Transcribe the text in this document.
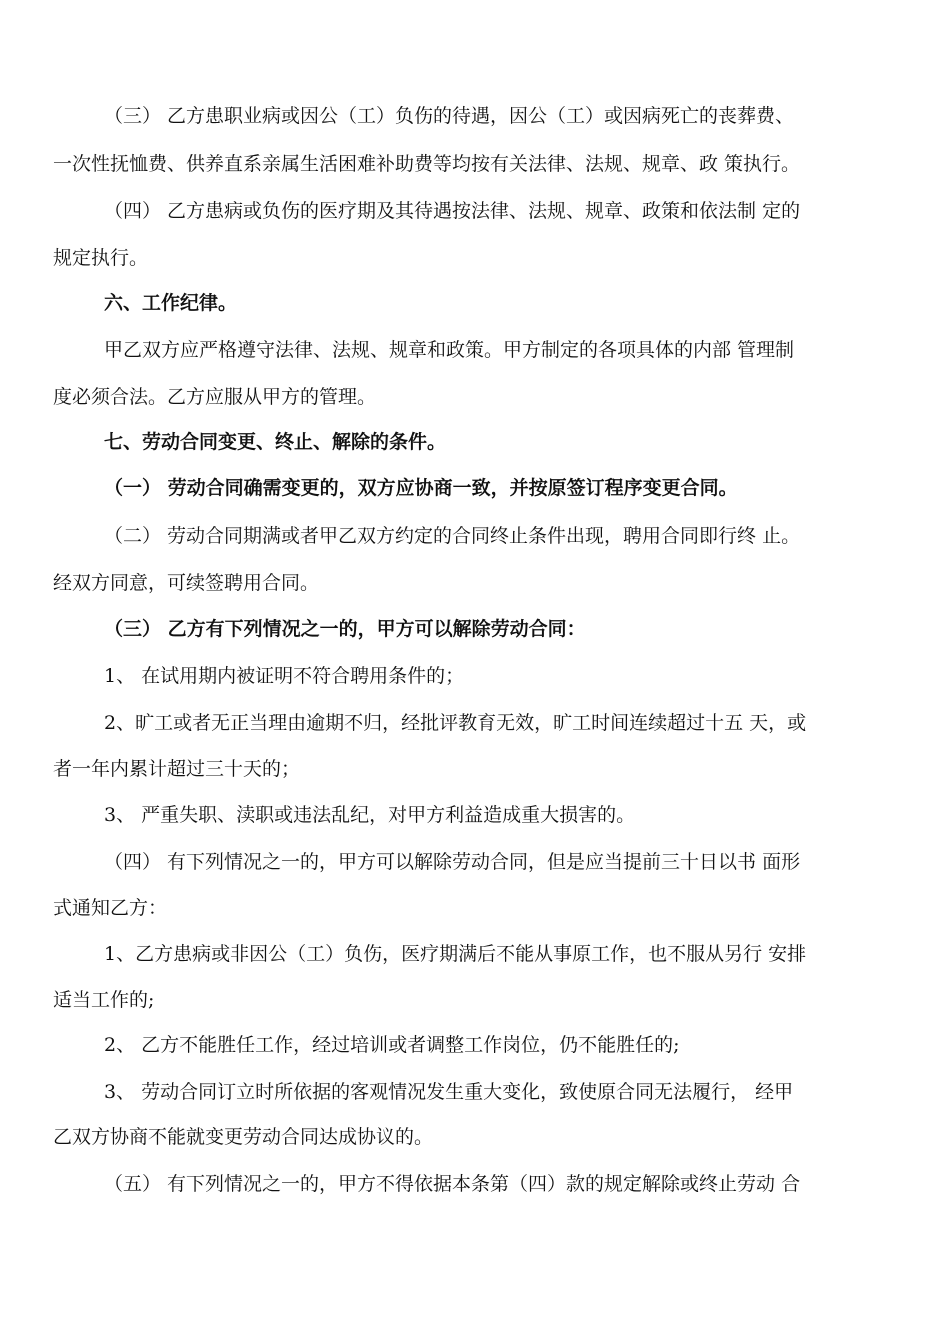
（三） 乙方患职业病或因公（工）负伤的待遇，因公（工）或因病死亡的丧葬费、
一次性抚恤费、供养直系亲属生活困难补助费等均按有关法律、法规、规章、政 策执行。
（四） 乙方患病或负伤的医疗期及其待遇按法律、法规、规章、政策和依法制 定的
规定执行。
六、工作纪律。
甲乙双方应严格遵守法律、法规、规章和政策。甲方制定的各项具体的内部 管理制
度必须合法。乙方应服从甲方的管理。
七、劳动合同变更、终止、解除的条件。
（一） 劳动合同确需变更的，双方应协商一致，并按原签订程序变更合同。
（二） 劳动合同期满或者甲乙双方约定的合同终止条件出现，聘用合同即行终 止。
经双方同意，可续签聘用合同。
（三） 乙方有下列情况之一的，甲方可以解除劳动合同：
1、 在试用期内被证明不符合聘用条件的；
2、旷工或者无正当理由逾期不归，经批评教育无效，旷工时间连续超过十五 天，或
者一年内累计超过三十天的；
3、 严重失职、渎职或违法乱纪，对甲方利益造成重大损害的。
（四） 有下列情况之一的，甲方可以解除劳动合同，但是应当提前三十日以书 面形
式通知乙方：
1、乙方患病或非因公（工）负伤，医疗期满后不能从事原工作，也不服从另行 安排
适当工作的;
2、 乙方不能胜任工作，经过培训或者调整工作岗位，仍不能胜任的;
3、 劳动合同订立时所依据的客观情况发生重大变化，致使原合同无法履行， 经甲
乙双方协商不能就变更劳动合同达成协议的。
（五） 有下列情况之一的，甲方不得依据本条第（四）款的规定解除或终止劳动 合
